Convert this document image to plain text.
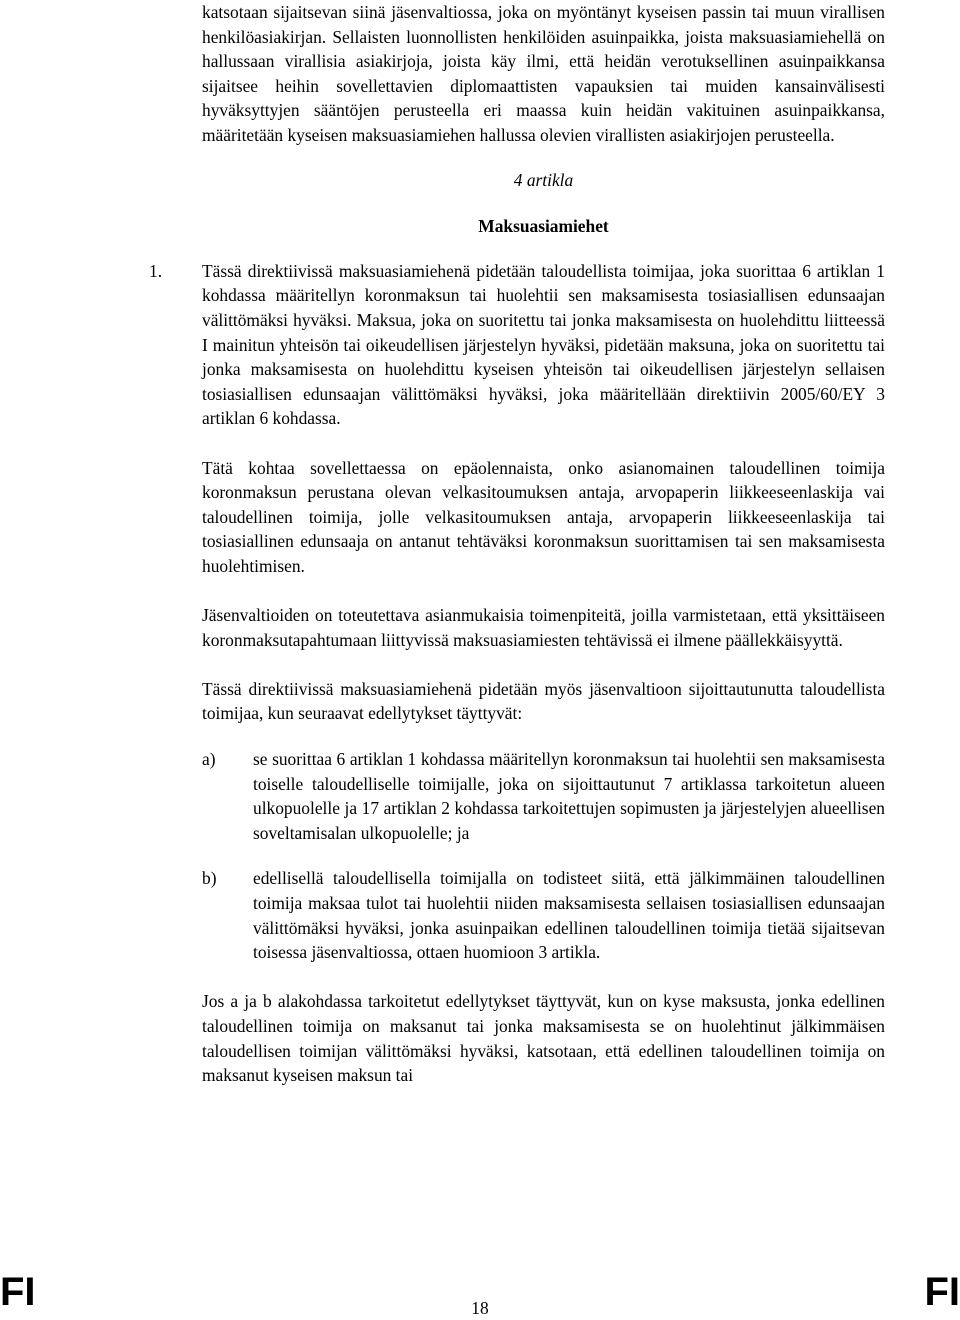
katsotaan sijaitsevan siinä jäsenvaltiossa, joka on myöntänyt kyseisen passin tai muun virallisen henkilöasiakirjan. Sellaisten luonnollisten henkilöiden asuinpaikka, joista maksuasiamiehellä on hallussaan virallisia asiakirjoja, joista käy ilmi, että heidän verotuksellinen asuinpaikkansa sijaitsee heihin sovellettavien diplomaattisten vapauksien tai muiden kansainvälisesti hyväksyttyjen sääntöjen perusteella eri maassa kuin heidän vakituinen asuinpaikkansa, määritetään kyseisen maksuasiamiehen hallussa olevien virallisten asiakirjojen perusteella.

4 artikla

Maksuasiamiehet

1. Tässä direktiivissä maksuasiamiehenä pidetään taloudellista toimijaa, joka suorittaa 6 artiklan 1 kohdassa määritellyn koronmaksun tai huolehtii sen maksamisesta tosiasiallisen edunsaajan välittömäksi hyväksi. Maksua, joka on suoritettu tai jonka maksamisesta on huolehdittu liitteessä I mainitun yhteisön tai oikeudellisen järjestelyn hyväksi, pidetään maksuna, joka on suoritettu tai jonka maksamisesta on huolehdittu kyseisen yhteisön tai oikeudellisen järjestelyn sellaisen tosiasiallisen edunsaajan välittömäksi hyväksi, joka määritellään direktiivin 2005/60/EY 3 artiklan 6 kohdassa.

Tätä kohtaa sovellettaessa on epäolennaista, onko asianomainen taloudellinen toimija koronmaksun perustana olevan velkasitoumuksen antaja, arvopaperin liikkeeseenlaskija vai taloudellinen toimija, jolle velkasitoumuksen antaja, arvopaperin liikkeeseenlaskija tai tosiasiallinen edunsaaja on antanut tehtäväksi koronmaksun suorittamisen tai sen maksamisesta huolehtimisen.

Jäsenvaltioiden on toteutettava asianmukaisia toimenpiteitä, joilla varmistetaan, että yksittäiseen koronmaksutapahtumaan liittyvissä maksuasiamiesten tehtävissä ei ilmene päällekkäisyyttä.

Tässä direktiivissä maksuasiamiehenä pidetään myös jäsenvaltioon sijoittautunutta taloudellista toimijaa, kun seuraavat edellytykset täyttyvät:

a) se suorittaa 6 artiklan 1 kohdassa määritellyn koronmaksun tai huolehtii sen maksamisesta toiselle taloudelliselle toimijalle, joka on sijoittautunut 7 artiklassa tarkoitetun alueen ulkopuolelle ja 17 artiklan 2 kohdassa tarkoitettujen sopimusten ja järjestelyjen alueellisen soveltamisalan ulkopuolelle; ja
b) edellisellä taloudellisella toimijalla on todisteet siitä, että jälkimmäinen taloudellinen toimija maksaa tulot tai huolehtii niiden maksamisesta sellaisen tosiasiallisen edunsaajan välittömäksi hyväksi, jonka asuinpaikan edellinen taloudellinen toimija tietää sijaitsevan toisessa jäsenvaltiossa, ottaen huomioon 3 artikla.

Jos a ja b alakohdassa tarkoitetut edellytykset täyttyvät, kun on kyse maksusta, jonka edellinen taloudellinen toimija on maksanut tai jonka maksamisesta se on huolehtinut jälkimmäisen taloudellisen toimijan välittömäksi hyväksi, katsotaan, että edellinen taloudellinen toimija on maksanut kyseisen maksun tai

FI	18	FI
